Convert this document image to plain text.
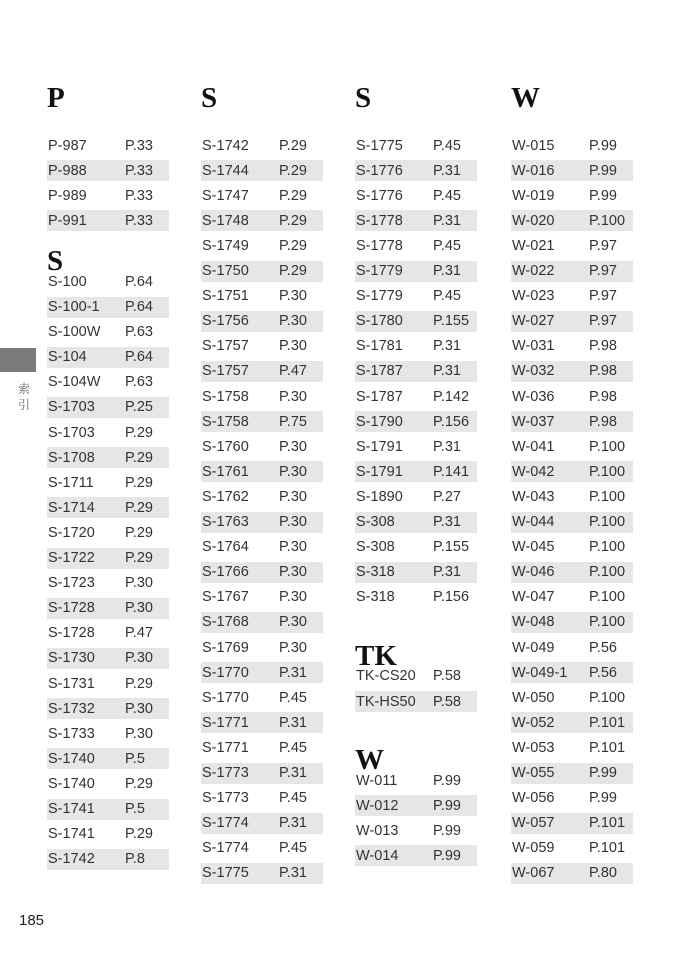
P
P-987	P.33
P-988	P.33
P-989	P.33
P-991	P.33
S
S-100	P.64
S-100-1	P.64
S-100W	P.63
S-104	P.64
S-104W	P.63
S-1703	P.25
S-1703	P.29
S-1708	P.29
S-1711	P.29
S-1714	P.29
S-1720	P.29
S-1722	P.29
S-1723	P.30
S-1728	P.30
S-1728	P.47
S-1730	P.30
S-1731	P.29
S-1732	P.30
S-1733	P.30
S-1740	P.5
S-1740	P.29
S-1741	P.5
S-1741	P.29
S-1742	P.8
S
S-1742	P.29
S-1744	P.29
S-1747	P.29
S-1748	P.29
S-1749	P.29
S-1750	P.29
S-1751	P.30
S-1756	P.30
S-1757	P.30
S-1757	P.47
S-1758	P.30
S-1758	P.75
S-1760	P.30
S-1761	P.30
S-1762	P.30
S-1763	P.30
S-1764	P.30
S-1766	P.30
S-1767	P.30
S-1768	P.30
S-1769	P.30
S-1770	P.31
S-1770	P.45
S-1771	P.31
S-1771	P.45
S-1773	P.31
S-1773	P.45
S-1774	P.31
S-1774	P.45
S-1775	P.31
S
S-1775	P.45
S-1776	P.31
S-1776	P.45
S-1778	P.31
S-1778	P.45
S-1779	P.31
S-1779	P.45
S-1780	P.155
S-1781	P.31
S-1787	P.31
S-1787	P.142
S-1790	P.156
S-1791	P.31
S-1791	P.141
S-1890	P.27
S-308	P.31
S-308	P.155
S-318	P.31
S-318	P.156
TK
TK-CS20	P.58
TK-HS50	P.58
W
W-011	P.99
W-012	P.99
W-013	P.99
W-014	P.99
W
W-015	P.99
W-016	P.99
W-019	P.99
W-020	P.100
W-021	P.97
W-022	P.97
W-023	P.97
W-027	P.97
W-031	P.98
W-032	P.98
W-036	P.98
W-037	P.98
W-041	P.100
W-042	P.100
W-043	P.100
W-044	P.100
W-045	P.100
W-046	P.100
W-047	P.100
W-048	P.100
W-049	P.56
W-049-1	P.56
W-050	P.100
W-052	P.101
W-053	P.101
W-055	P.99
W-056	P.99
W-057	P.101
W-059	P.101
W-067	P.80
索引
185
